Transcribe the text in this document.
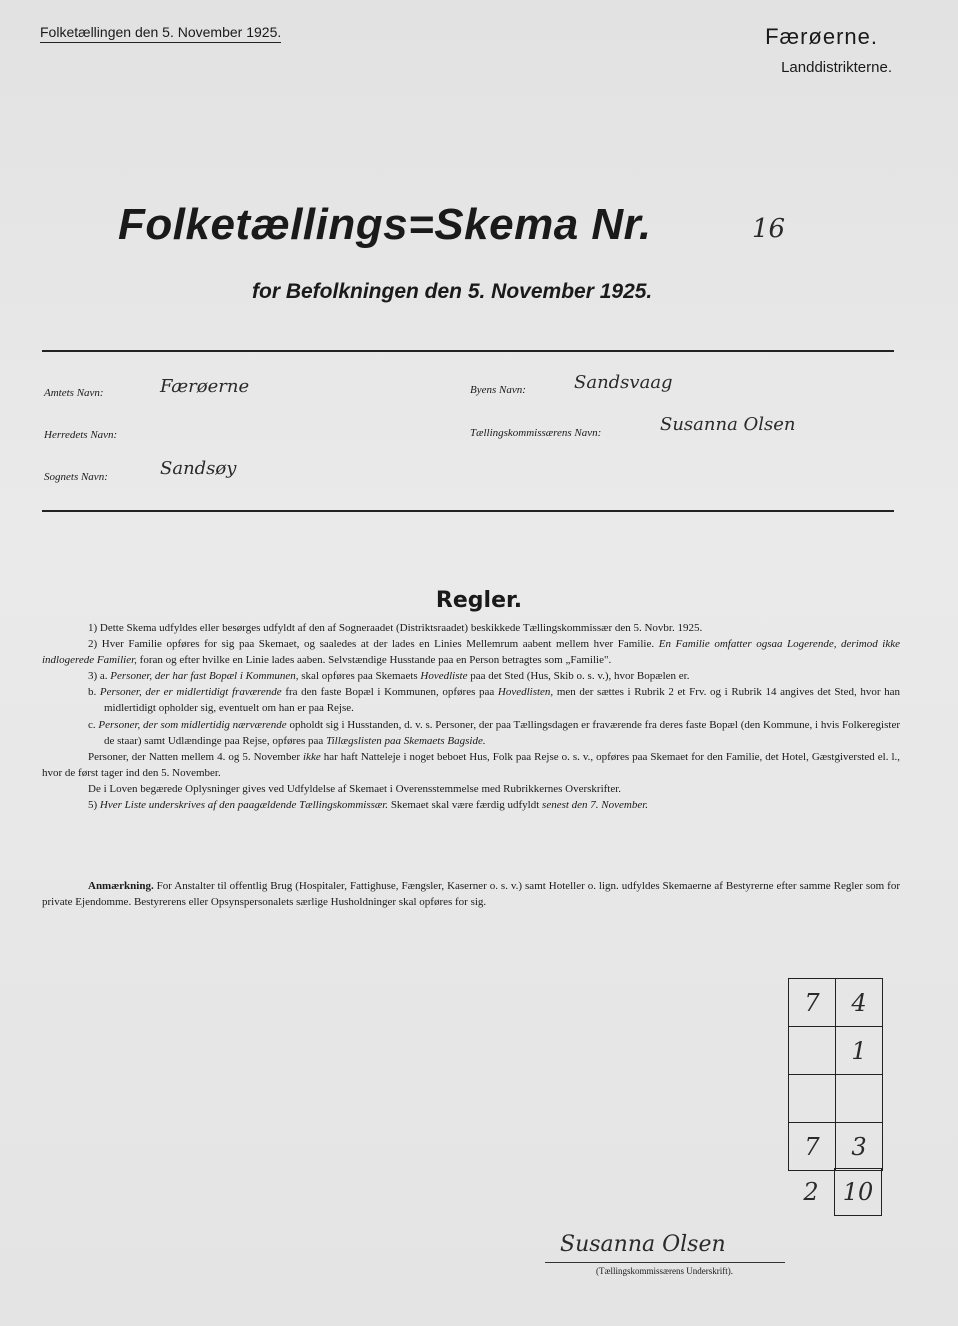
Folketællingen den 5. November 1925.	Færøerne.
Landdistrikterne.
Folketællings=Skema Nr.	16
for Befolkningen den 5. November 1925.
Amtets Navn:	Færøerne
Herredets Navn:
Sognets Navn:	Sandsøy
Byens Navn:	Sandsvaag
Tællingskommissærens Navn:	Susanna Olsen
Regler.

1) Dette Skema udfyldes eller besørges udfyldt af den af Sogneraadet (Distriktsraadet) beskikkede Tællingskommissær den 5. Novbr. 1925.

2) Hver Familie opføres for sig paa Skemaet, og saaledes at der lades en Linies Mellemrum aabent mellem hver Familie. En Familie omfatter ogsaa Logerende, derimod ikke indlogerede Familier, foran og efter hvilke en Linie lades aaben. Selvstændige Husstande paa en Person betragtes som „Familie".

3) a. Personer, der har fast Bopæl i Kommunen, skal opføres paa Skemaets Hovedliste paa det Sted (Hus, Skib o. s. v.), hvor Bopælen er.

b. Personer, der er midlertidigt fraværende fra den faste Bopæl i Kommunen, opføres paa Hovedlisten, men der sættes i Rubrik 2 et Frv. og i Rubrik 14 angives det Sted, hvor han midlertidigt opholder sig, eventuelt om han er paa Rejse.

c. Personer, der som midlertidig nærværende opholdt sig i Husstanden, d. v. s. Personer, der paa Tællingsdagen er fraværende fra deres faste Bopæl (den Kommune, i hvis Folkeregister de staar) samt Udlændinge paa Rejse, opføres paa Tillægslisten paa Skemaets Bagside.

Personer, der Natten mellem 4. og 5. November ikke har haft Natteleje i noget beboet Hus, Folk paa Rejse o. s. v., opføres paa Skemaet for den Familie, det Hotel, Gæstgiversted el. l., hvor de først tager ind den 5. November.

De i Loven begærede Oplysninger gives ved Udfyldelse af Skemaet i Overensstemmelse med Rubrikkernes Overskrifter.

5) Hver Liste underskrives af den paagældende Tællingskommissær. Skemaet skal være færdig udfyldt senest den 7. November.

Anmærkning. For Anstalter til offentlig Brug (Hospitaler, Fattighuse, Fængsler, Kaserner o. s. v.) samt Hoteller o. lign. udfyldes Skemaerne af Bestyrerne efter samme Regler som for private Ejendomme. Bestyrerens eller Opsynspersonalets særlige Husholdninger skal opføres for sig.
7	4
	1

7	3
2	10
Susanna Olsen
(Tællingskommissærens Underskrift).
